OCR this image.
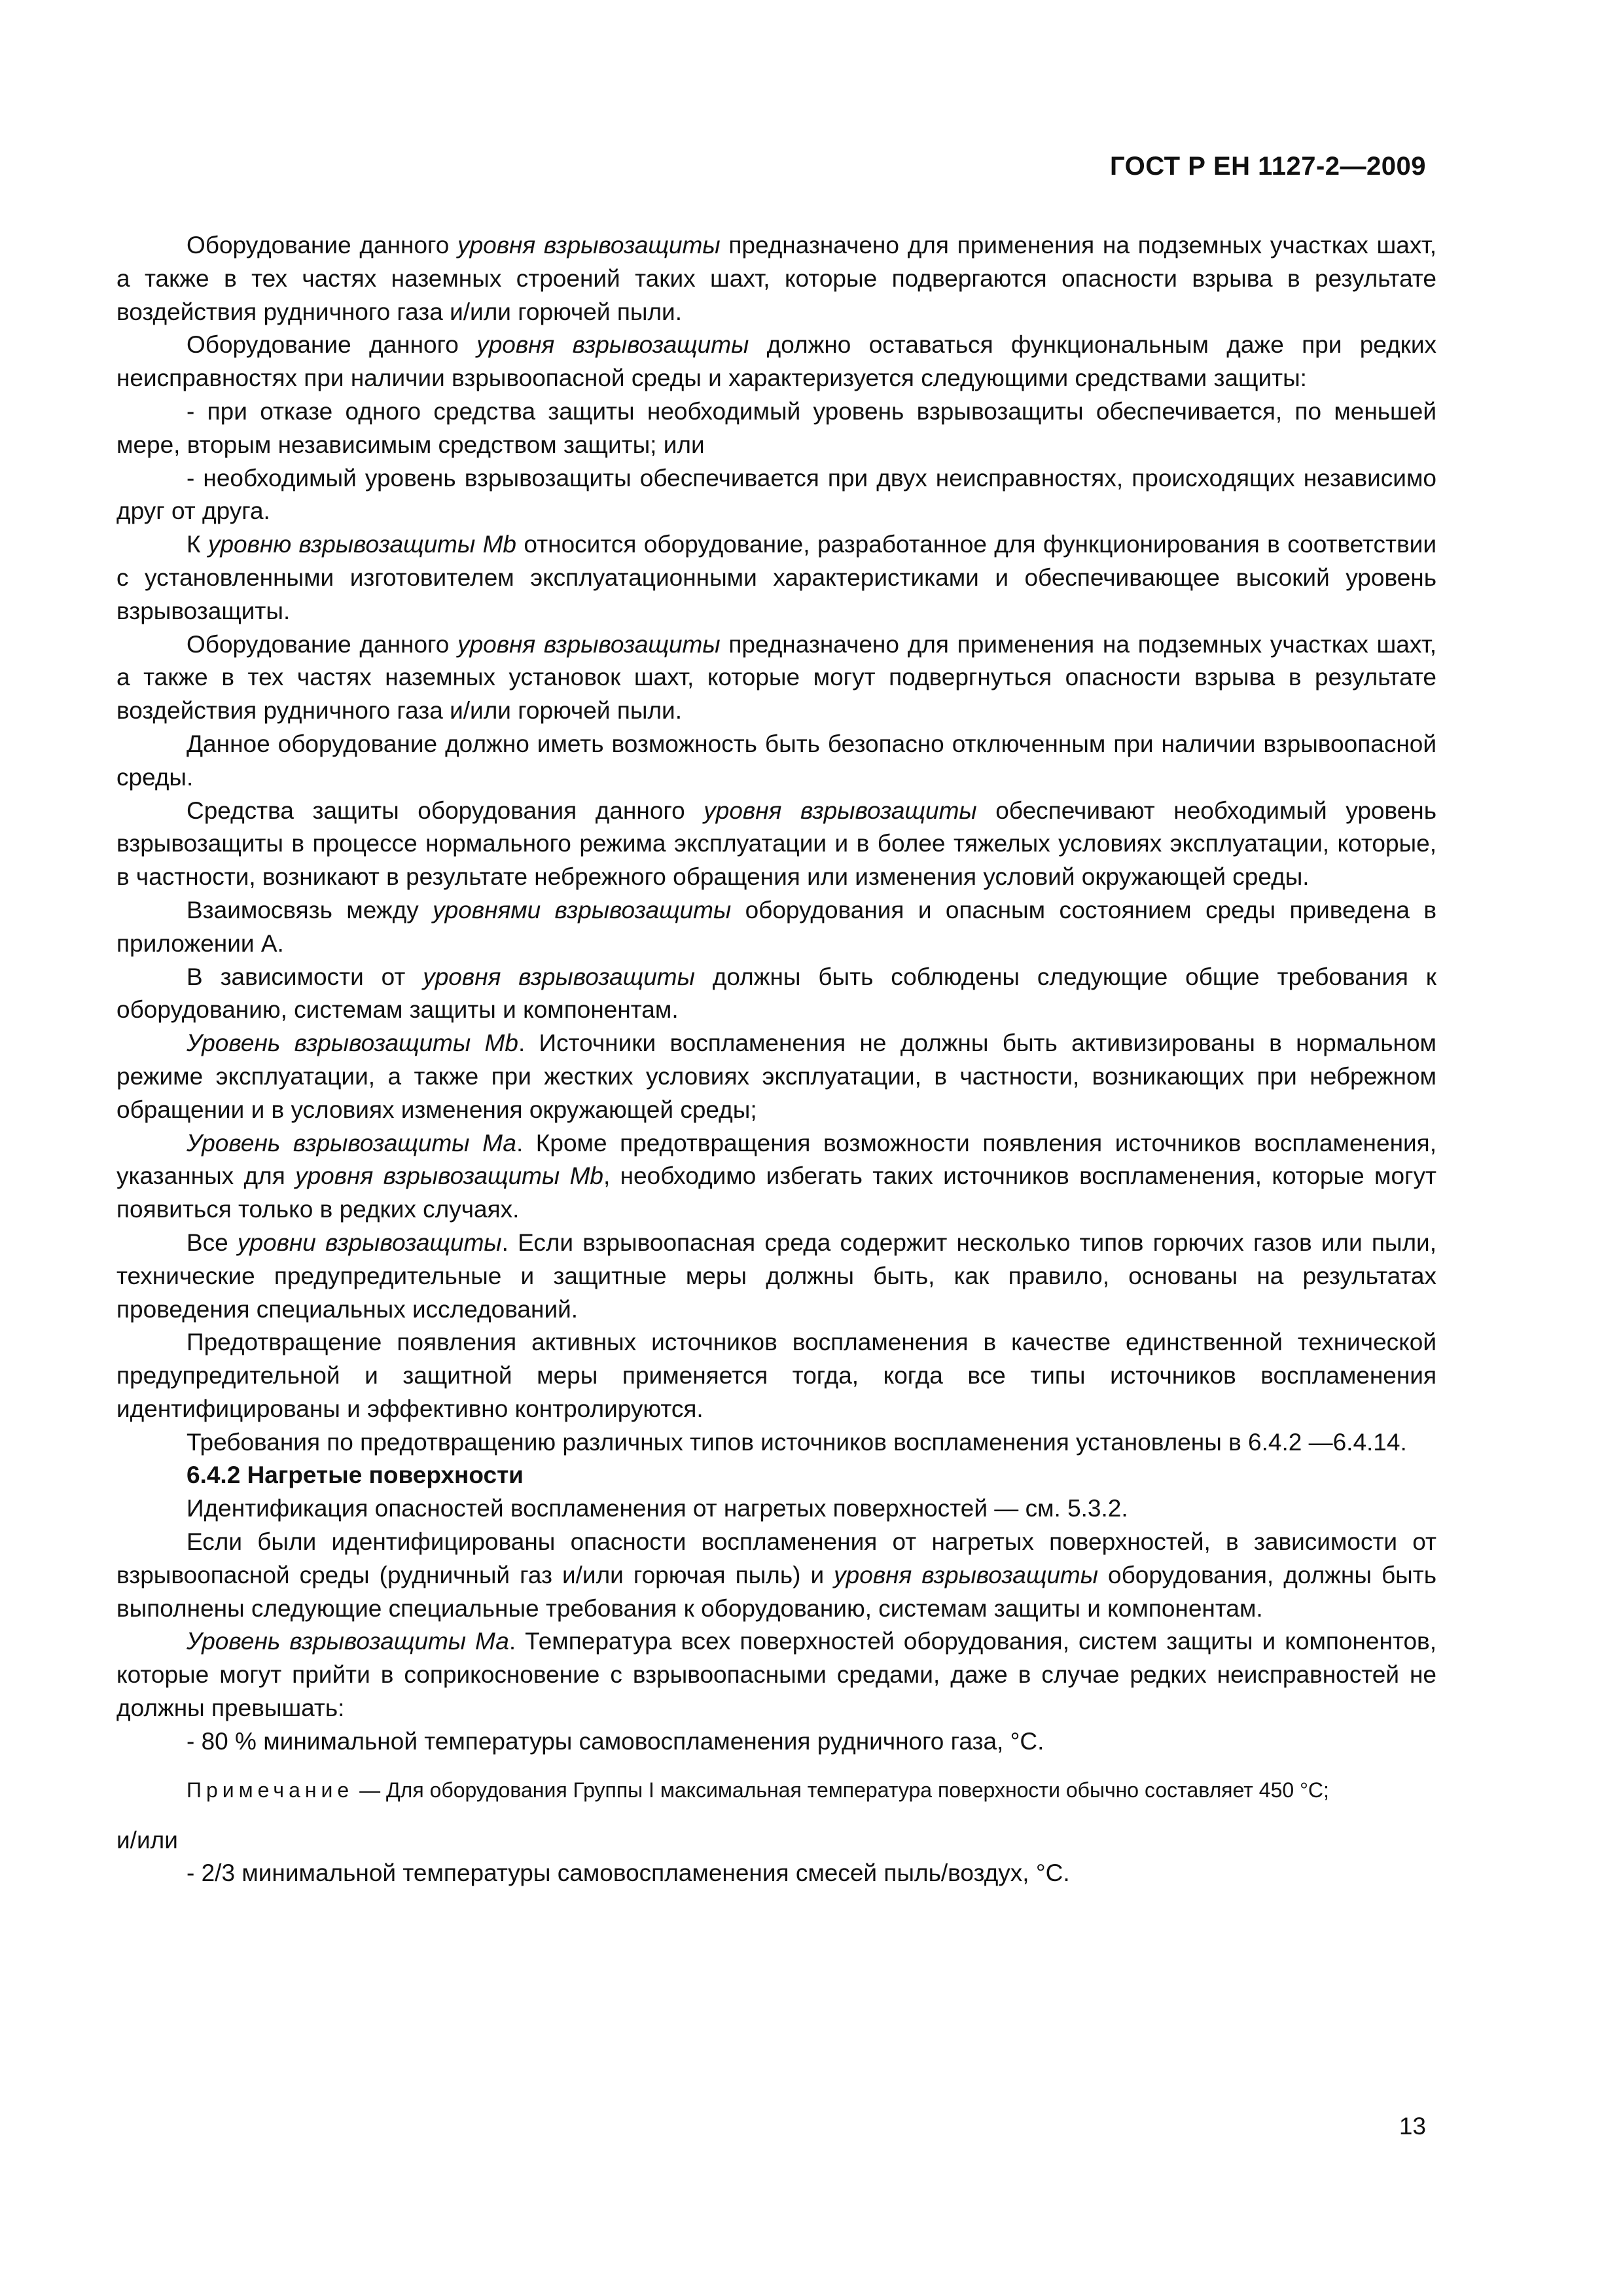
ГОСТ Р ЕН 1127-2—2009

Оборудование данного уровня взрывозащиты предназначено для применения на подземных участках шахт, а также в тех частях наземных строений таких шахт, которые подвергаются опасности взрыва в результате воздействия рудничного газа и/или горючей пыли.

Оборудование данного уровня взрывозащиты должно оставаться функциональным даже при редких неисправностях при наличии взрывоопасной среды и характеризуется следующими средствами защиты:

- при отказе одного средства защиты необходимый уровень взрывозащиты обеспечивается, по меньшей мере, вторым независимым средством защиты; или

- необходимый уровень взрывозащиты обеспечивается при двух неисправностях, происходящих независимо друг от друга.

К уровню взрывозащиты Mb относится оборудование, разработанное для функционирования в соответствии с установленными изготовителем эксплуатационными характеристиками и обеспечивающее высокий уровень взрывозащиты.

Оборудование данного уровня взрывозащиты предназначено для применения на подземных участках шахт, а также в тех частях наземных установок шахт, которые могут подвергнуться опасности взрыва в результате воздействия рудничного газа и/или горючей пыли.

Данное оборудование должно иметь возможность быть безопасно отключенным при наличии взрывоопасной среды.

Средства защиты оборудования данного уровня взрывозащиты обеспечивают необходимый уровень взрывозащиты в процессе нормального режима эксплуатации и в более тяжелых условиях эксплуатации, которые, в частности, возникают в результате небрежного обращения или изменения условий окружающей среды.

Взаимосвязь между уровнями взрывозащиты оборудования и опасным состоянием среды приведена в приложении А.

В зависимости от уровня взрывозащиты должны быть соблюдены следующие общие требования к оборудованию, системам защиты и компонентам.

Уровень взрывозащиты Mb. Источники воспламенения не должны быть активизированы в нормальном режиме эксплуатации, а также при жестких условиях эксплуатации, в частности, возникающих при небрежном обращении и в условиях изменения окружающей среды;

Уровень взрывозащиты Ма. Кроме предотвращения возможности появления источников воспламенения, указанных для уровня взрывозащиты Mb, необходимо избегать таких источников воспламенения, которые могут появиться только в редких случаях.

Все уровни взрывозащиты. Если взрывоопасная среда содержит несколько типов горючих газов или пыли, технические предупредительные и защитные меры должны быть, как правило, основаны на результатах проведения специальных исследований.

Предотвращение появления активных источников воспламенения в качестве единственной технической предупредительной и защитной меры применяется тогда, когда все типы источников воспламенения идентифицированы и эффективно контролируются.

Требования по предотвращению различных типов источников воспламенения установлены в 6.4.2 —6.4.14.

6.4.2 Нагретые поверхности

Идентификация опасностей воспламенения от нагретых поверхностей — см. 5.3.2.

Если были идентифицированы опасности воспламенения от нагретых поверхностей, в зависимости от взрывоопасной среды (рудничный газ и/или горючая пыль) и уровня взрывозащиты оборудования, должны быть выполнены следующие специальные требования к оборудованию, системам защиты и компонентам.

Уровень взрывозащиты Ма. Температура всех поверхностей оборудования, систем защиты и компонентов, которые могут прийти в соприкосновение с взрывоопасными средами, даже в случае редких неисправностей не должны превышать:

- 80 % минимальной температуры самовоспламенения рудничного газа, °С.

Примечание — Для оборудования Группы I максимальная температура поверхности обычно составляет 450 °С;

и/или

- 2/3 минимальной температуры самовоспламенения смесей пыль/воздух, °С.

13
